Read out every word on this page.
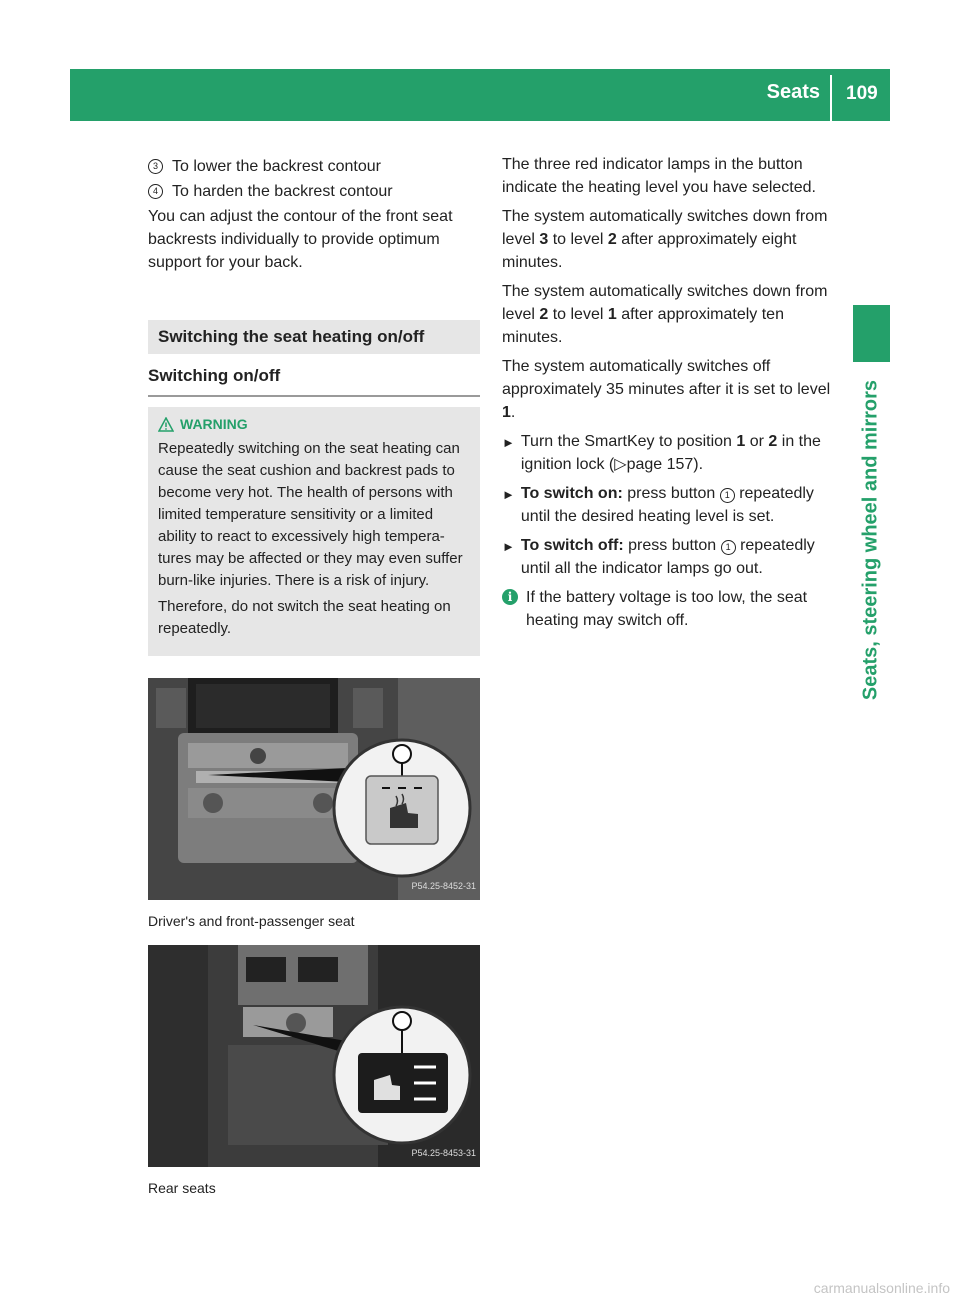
Seats 109
Seats, steering wheel and mirrors
3 To lower the backrest contour
4 To harden the backrest contour

You can adjust the contour of the front seat backrests individually to provide optimum support for your back.

Switching the seat heating on/off
Switching on/off
WARNING

Repeatedly switching on the seat heating can cause the seat cushion and backrest pads to become very hot. The health of persons with limited temperature sensitivity or a limited ability to react to excessively high tempera-tures may be affected or they may even suffer burn-like injuries. There is a risk of injury.

Therefore, do not switch the seat heating on repeatedly.

P54.25-8452-31
Driver's and front-passenger seat
P54.25-8453-31
Rear seats

The three red indicator lamps in the button indicate the heating level you have selected.

The system automatically switches down from level 3 to level 2 after approximately eight minutes.

The system automatically switches down from level 2 to level 1 after approximately ten minutes.

The system automatically switches off approximately 35 minutes after it is set to level 1.

► Turn the SmartKey to position 1 or 2 in the ignition lock (▷page 157).
► To switch on: press button 1 repeatedly until the desired heating level is set.
► To switch off: press button 1 repeatedly until all the indicator lamps go out.
i If the battery voltage is too low, the seat heating may switch off.
carmanualsonline.info
